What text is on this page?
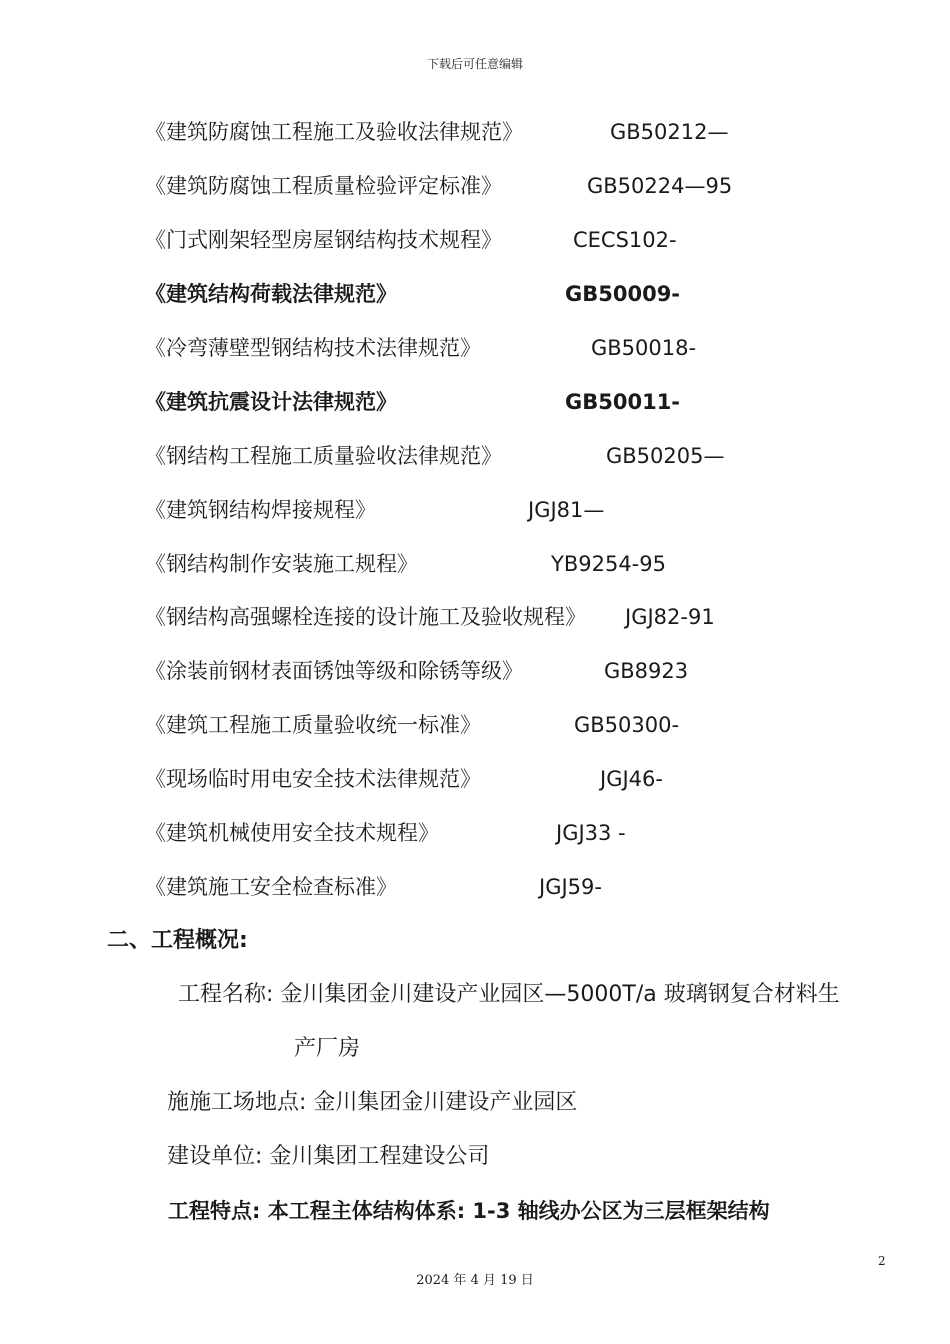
下载后可任意编辑
《建筑防腐蚀工程施工及验收法律规范》	GB50212—
《建筑防腐蚀工程质量检验评定标准》	GB50224—95
《门式刚架轻型房屋钢结构技术规程》	CECS102-
《建筑结构荷载法律规范》	GB50009-
《冷弯薄壁型钢结构技术法律规范》	GB50018-
《建筑抗震设计法律规范》	GB50011-
《钢结构工程施工质量验收法律规范》	GB50205—
《建筑钢结构焊接规程》	JGJ81—
《钢结构制作安装施工规程》	YB9254-95
《钢结构高强螺栓连接的设计施工及验收规程》 JGJ82-91
《涂装前钢材表面锈蚀等级和除锈等级》	GB8923
《建筑工程施工质量验收统一标准》	GB50300-
《现场临时用电安全技术法律规范》	JGJ46-
《建筑机械使用安全技术规程》	JGJ33 -
《建筑施工安全检查标准》	JGJ59-
二、工程概况:
工程名称: 金川集团金川建设产业园区—5000T/a 玻璃钢复合材料生
产厂房
施施工场地点: 金川集团金川建设产业园区
建设单位: 金川集团工程建设公司
工程特点: 本工程主体结构体系: 1-3 轴线办公区为三层框架结构
2
2024 年 4 月 19 日
